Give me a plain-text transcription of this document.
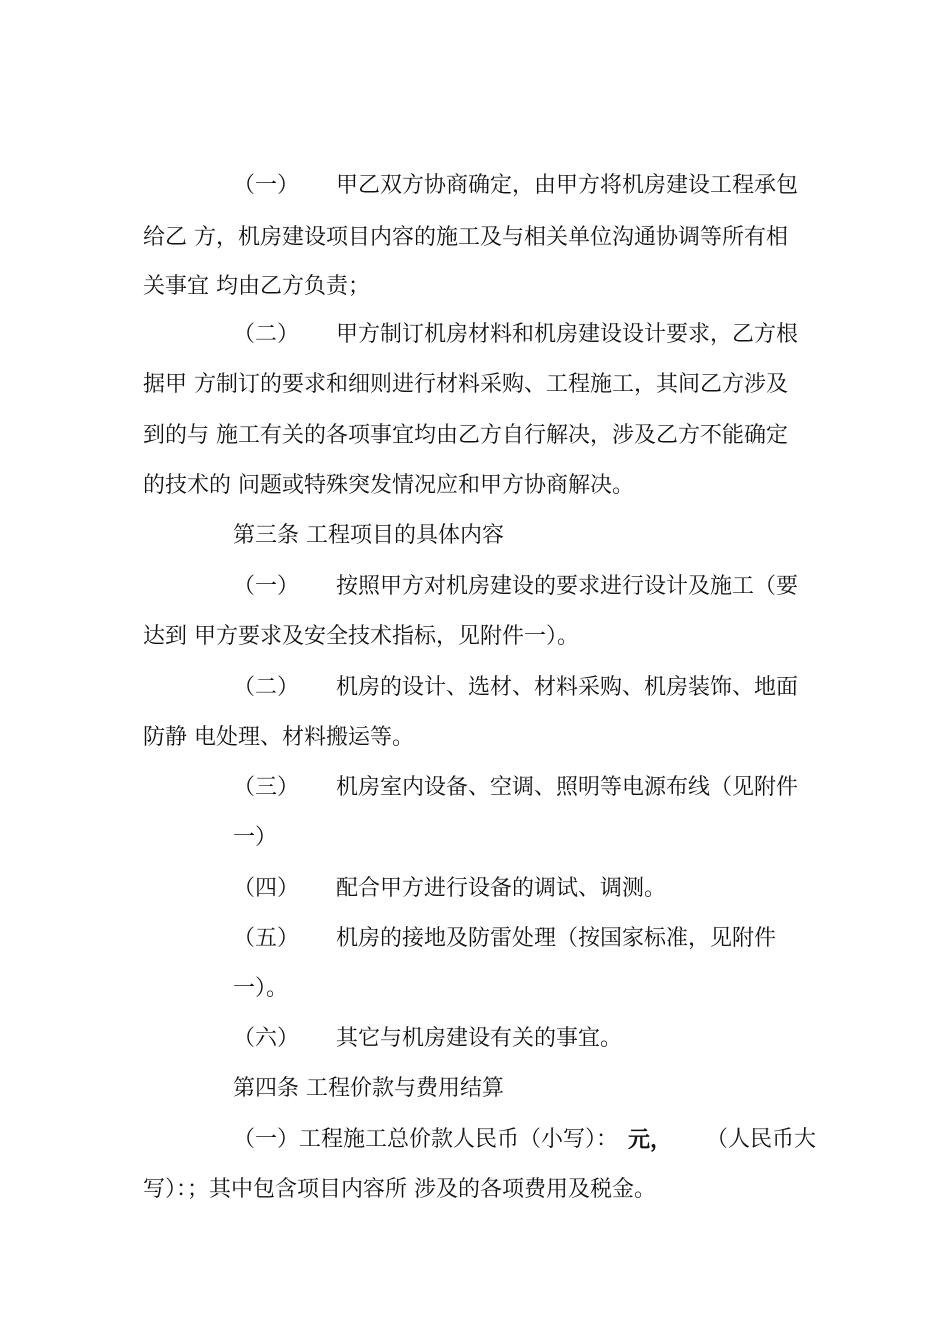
（一） 甲乙双方协商确定，由甲方将机房建设工程承包
给乙 方，机房建设项目内容的施工及与相关单位沟通协调等所有相
关事宜 均由乙方负责；
（二） 甲方制订机房材料和机房建设设计要求，乙方根
据甲 方制订的要求和细则进行材料采购、工程施工，其间乙方涉及
到的与 施工有关的各项事宜均由乙方自行解决，涉及乙方不能确定
的技术的 问题或特殊突发情况应和甲方协商解决。
第三条 工程项目的具体内容
（一） 按照甲方对机房建设的要求进行设计及施工（要
达到 甲方要求及安全技术指标，见附件一）。
（二） 机房的设计、选材、材料采购、机房装饰、地面
防静 电处理、材料搬运等。
（三） 机房室内设备、空调、照明等电源布线（见附件
一）
（四） 配合甲方进行设备的调试、调测。
（五） 机房的接地及防雷处理（按国家标准，见附件
一）。
（六） 其它与机房建设有关的事宜。
第四条 工程价款与费用结算
（一）工程施工总价款人民币（小写）： 元， （人民币大
写）：；其中包含项目内容所 涉及的各项费用及税金。
